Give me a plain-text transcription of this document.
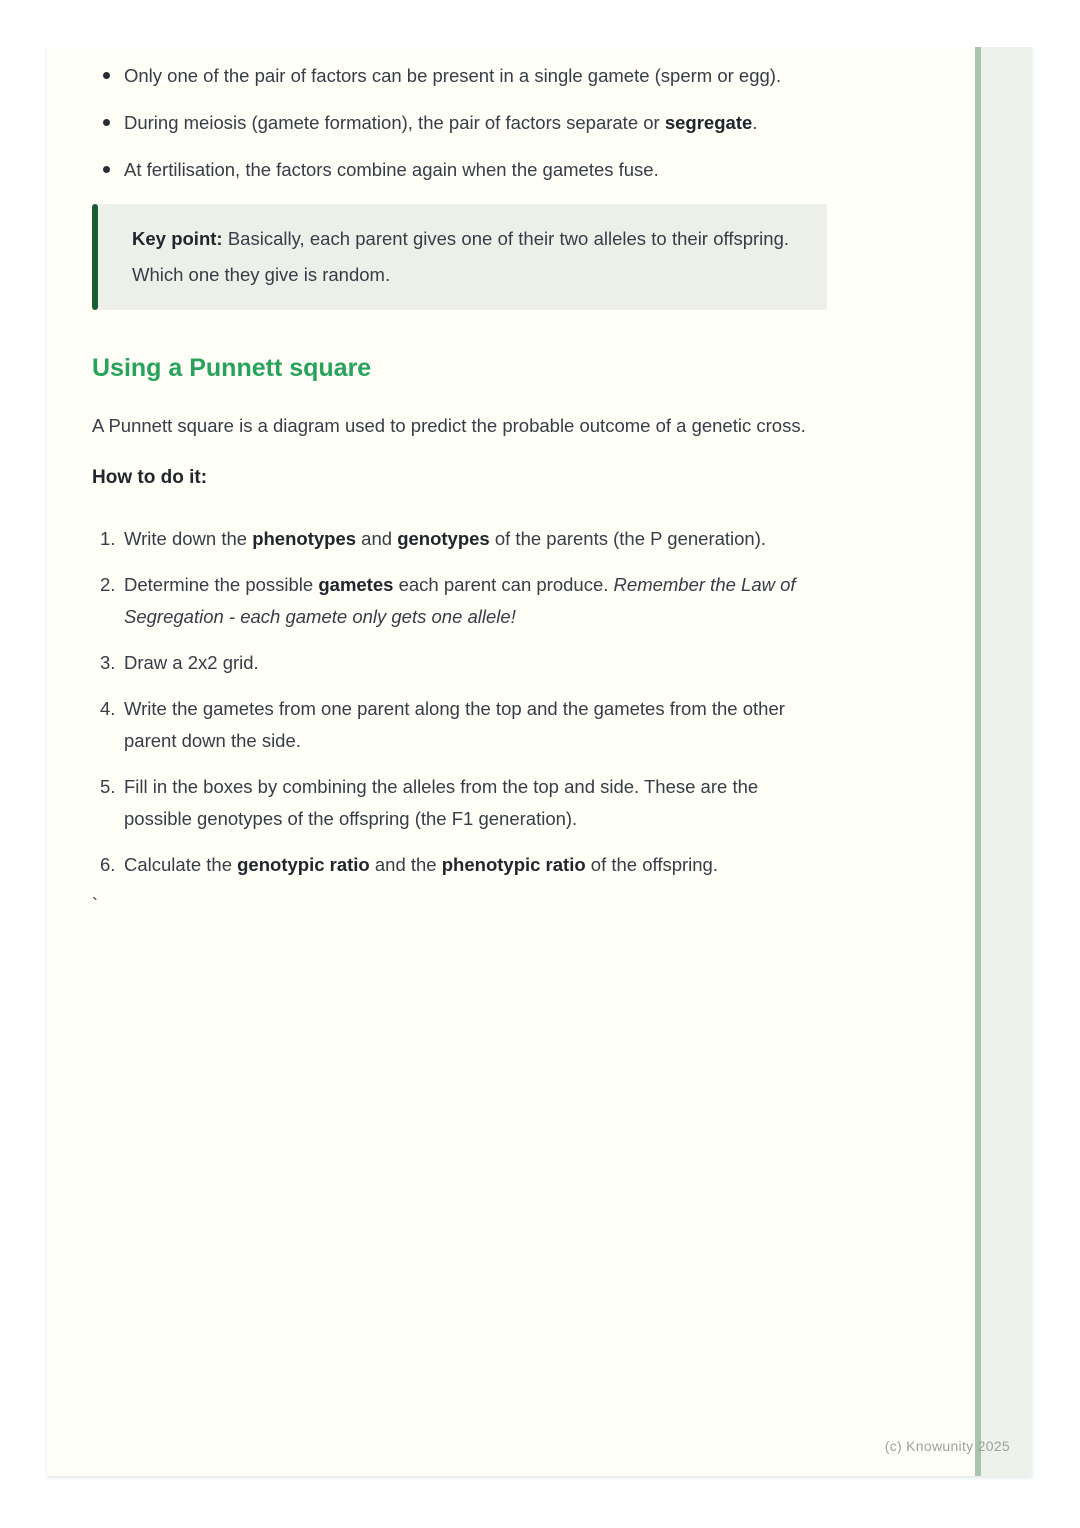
Only one of the pair of factors can be present in a single gamete (sperm or egg).
During meiosis (gamete formation), the pair of factors separate or segregate.
At fertilisation, the factors combine again when the gametes fuse.
Key point: Basically, each parent gives one of their two alleles to their offspring. Which one they give is random.
Using a Punnett square

A Punnett square is a diagram used to predict the probable outcome of a genetic cross.

How to do it:

1. Write down the phenotypes and genotypes of the parents (the P generation).
2. Determine the possible gametes each parent can produce. Remember the Law of Segregation - each gamete only gets one allele!
3. Draw a 2x2 grid.
4. Write the gametes from one parent along the top and the gametes from the other parent down the side.
5. Fill in the boxes by combining the alleles from the top and side. These are the possible genotypes of the offspring (the F1 generation).
6. Calculate the genotypic ratio and the phenotypic ratio of the offspring.
`
(c) Knowunity 2025
